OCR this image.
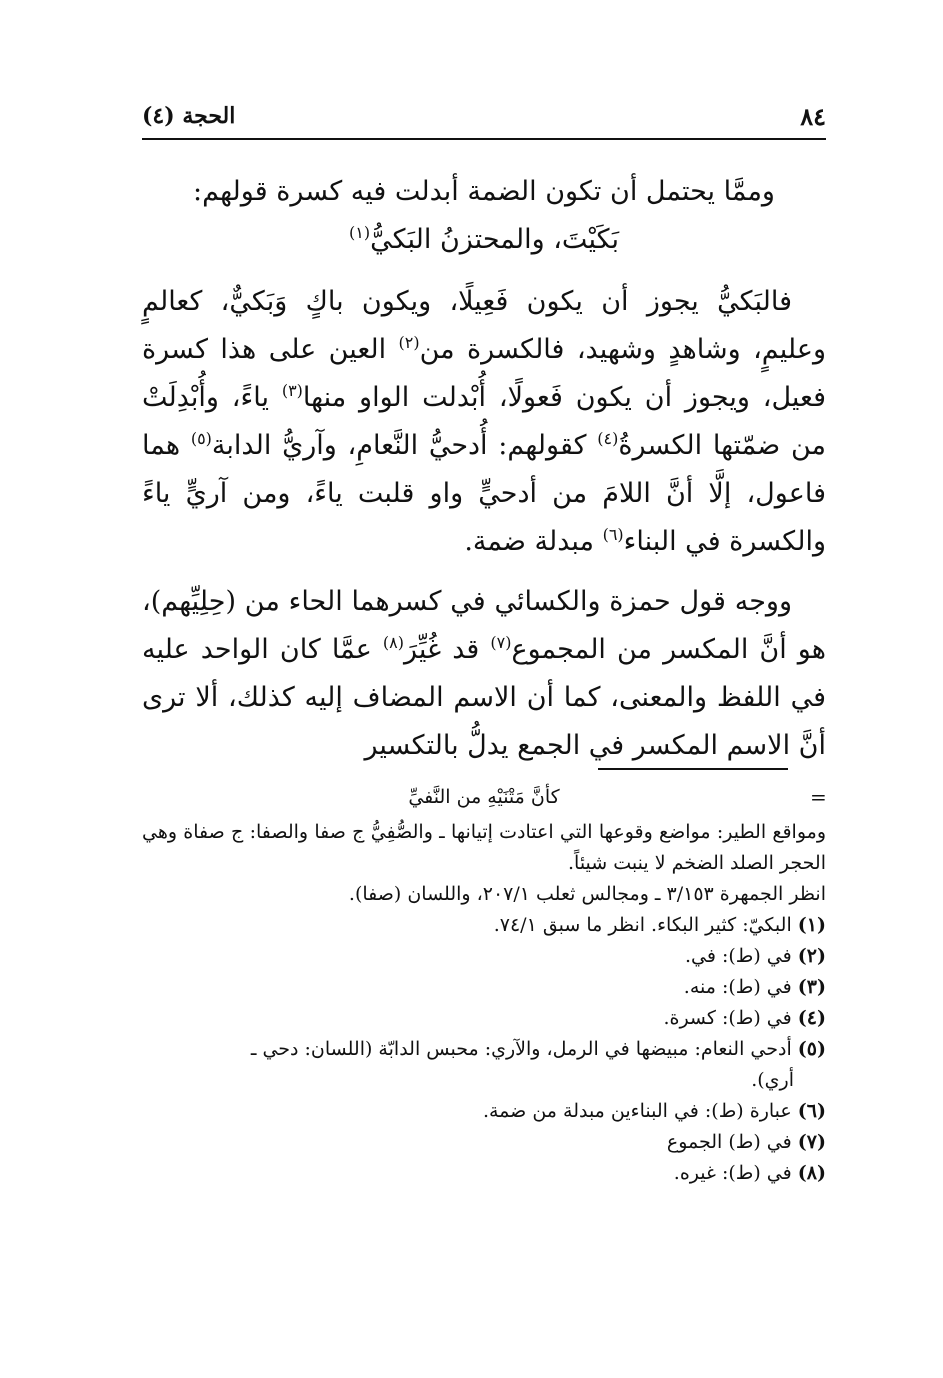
الحجة (٤)	٨٤
وممَّا يحتمل أن تكون الضمة أبدلت فيه كسرة قولهم:
بَكَيْتَ، والمحتزنُ البَكيُّ$^{(١)}$

فالبَكيُّ يجوز أن يكون فَعِيلًا، ويكون باكٍ وَبَكيٌّ، كعالمٍ وعليمٍ، وشاهدٍ وشهيد، فالكسرة من$^{(٢)}$ العين على هذا كسرة فعيل، ويجوز أن يكون فَعولًا، أُبْدلت الواو منها$^{(٣)}$ ياءً، وأُبْدِلَتْ من ضمّتها الكسرةُ$^{(٤)}$ كقولهم: أُدحيُّ النَّعامِ، وآريُّ الدابة$^{(٥)}$ هما فاعول، إلَّا أنَّ اللامَ من أدحيٍّ واو قلبت ياءً، ومن آريٍّ ياءً والكسرة في البناء$^{(٦)}$ مبدلة ضمة.

ووجه قول حمزة والكسائي في كسرهما الحاء من (حِلِيِّهم)، هو أنَّ المكسر من المجموع$^{(٧)}$ قد غُيِّرَ$^{(٨)}$ عمَّا كان الواحد عليه في اللفظ والمعنى، كما أن الاسم المضاف إليه كذلك، ألا ترى أنَّ الاسم المكسر في الجمع يدلُّ بالتكسير

=
كأنَّ مَتْنَيْهِ من النَّفيِّ
ومواقع الطير: مواضع وقوعها التي اعتادت إتيانها ـ والصُّفِيُّ ج صفا والصفا: ج صفاة وهي الحجر الصلد الضخم لا ينبت شيئاً.
انظر الجمهرة ٣/١٥٣ ـ ومجالس ثعلب ٢٠٧/١، واللسان (صفا).

(١) البكيّ: كثير البكاء. انظر ما سبق ٧٤/١.

(٢) في (ط): في.

(٣) في (ط): منه.

(٤) في (ط): كسرة.

(٥) أدحي النعام: مبيضها في الرمل، والآري: محبس الدابّة (اللسان: دحي ـ

أري).

(٦) عبارة (ط): في البناءين مبدلة من ضمة.

(٧) في (ط) الجموع

(٨) في (ط): غيره.
